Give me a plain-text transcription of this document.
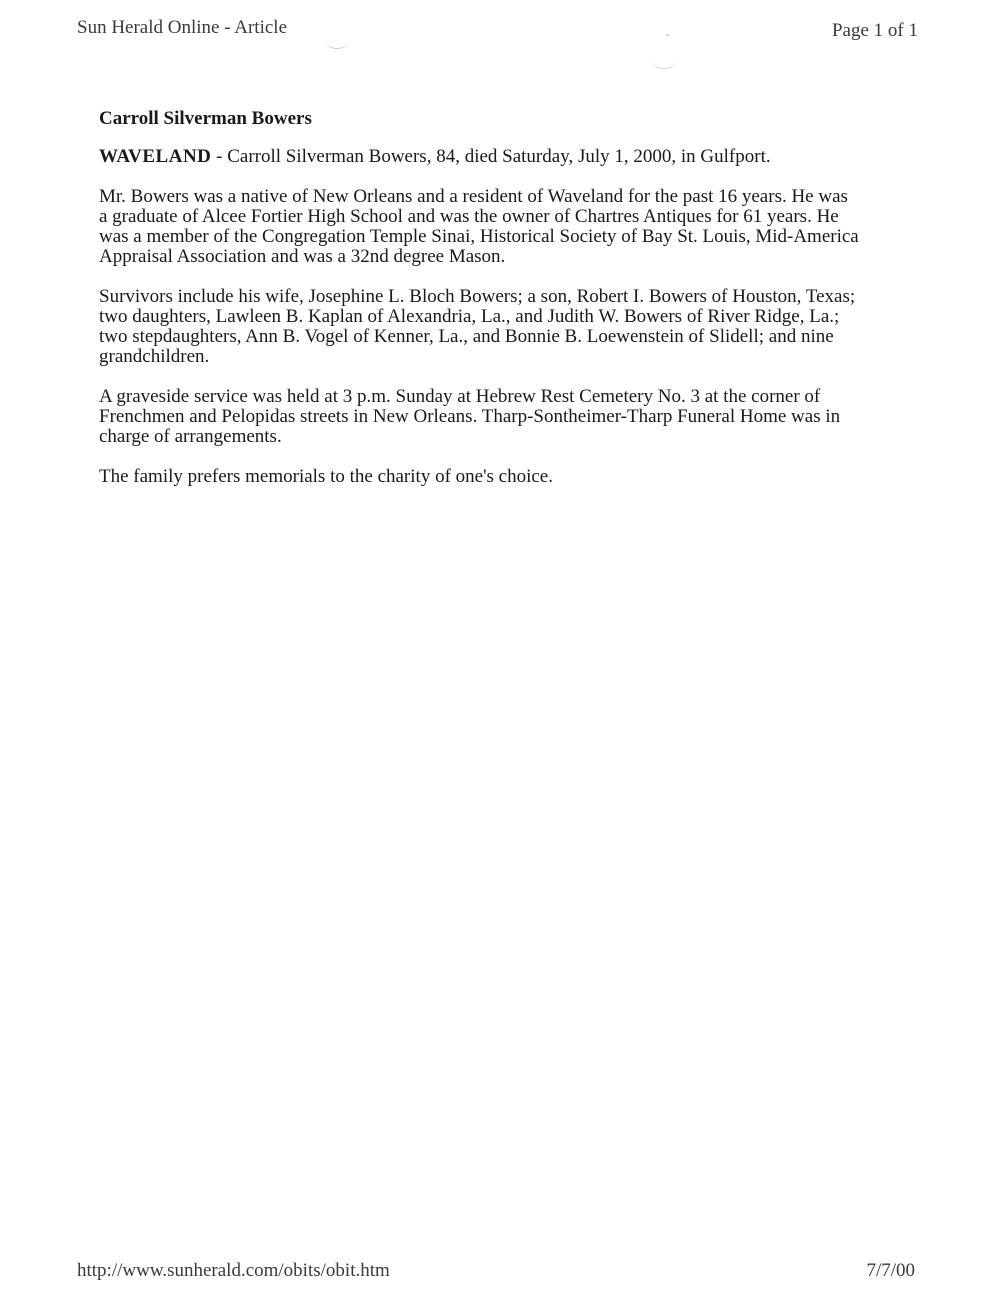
Sun Herald Online - Article	Page 1 of 1
Carroll Silverman Bowers

WAVELAND - Carroll Silverman Bowers, 84, died Saturday, July 1, 2000, in Gulfport.

Mr. Bowers was a native of New Orleans and a resident of Waveland for the past 16 years. He was a graduate of Alcee Fortier High School and was the owner of Chartres Antiques for 61 years. He was a member of the Congregation Temple Sinai, Historical Society of Bay St. Louis, Mid-America Appraisal Association and was a 32nd degree Mason.

Survivors include his wife, Josephine L. Bloch Bowers; a son, Robert I. Bowers of Houston, Texas; two daughters, Lawleen B. Kaplan of Alexandria, La., and Judith W. Bowers of River Ridge, La.; two stepdaughters, Ann B. Vogel of Kenner, La., and Bonnie B. Loewenstein of Slidell; and nine grandchildren.

A graveside service was held at 3 p.m. Sunday at Hebrew Rest Cemetery No. 3 at the corner of Frenchmen and Pelopidas streets in New Orleans. Tharp-Sontheimer-Tharp Funeral Home was in charge of arrangements.

The family prefers memorials to the charity of one's choice.

http://www.sunherald.com/obits/obit.htm	7/7/00
